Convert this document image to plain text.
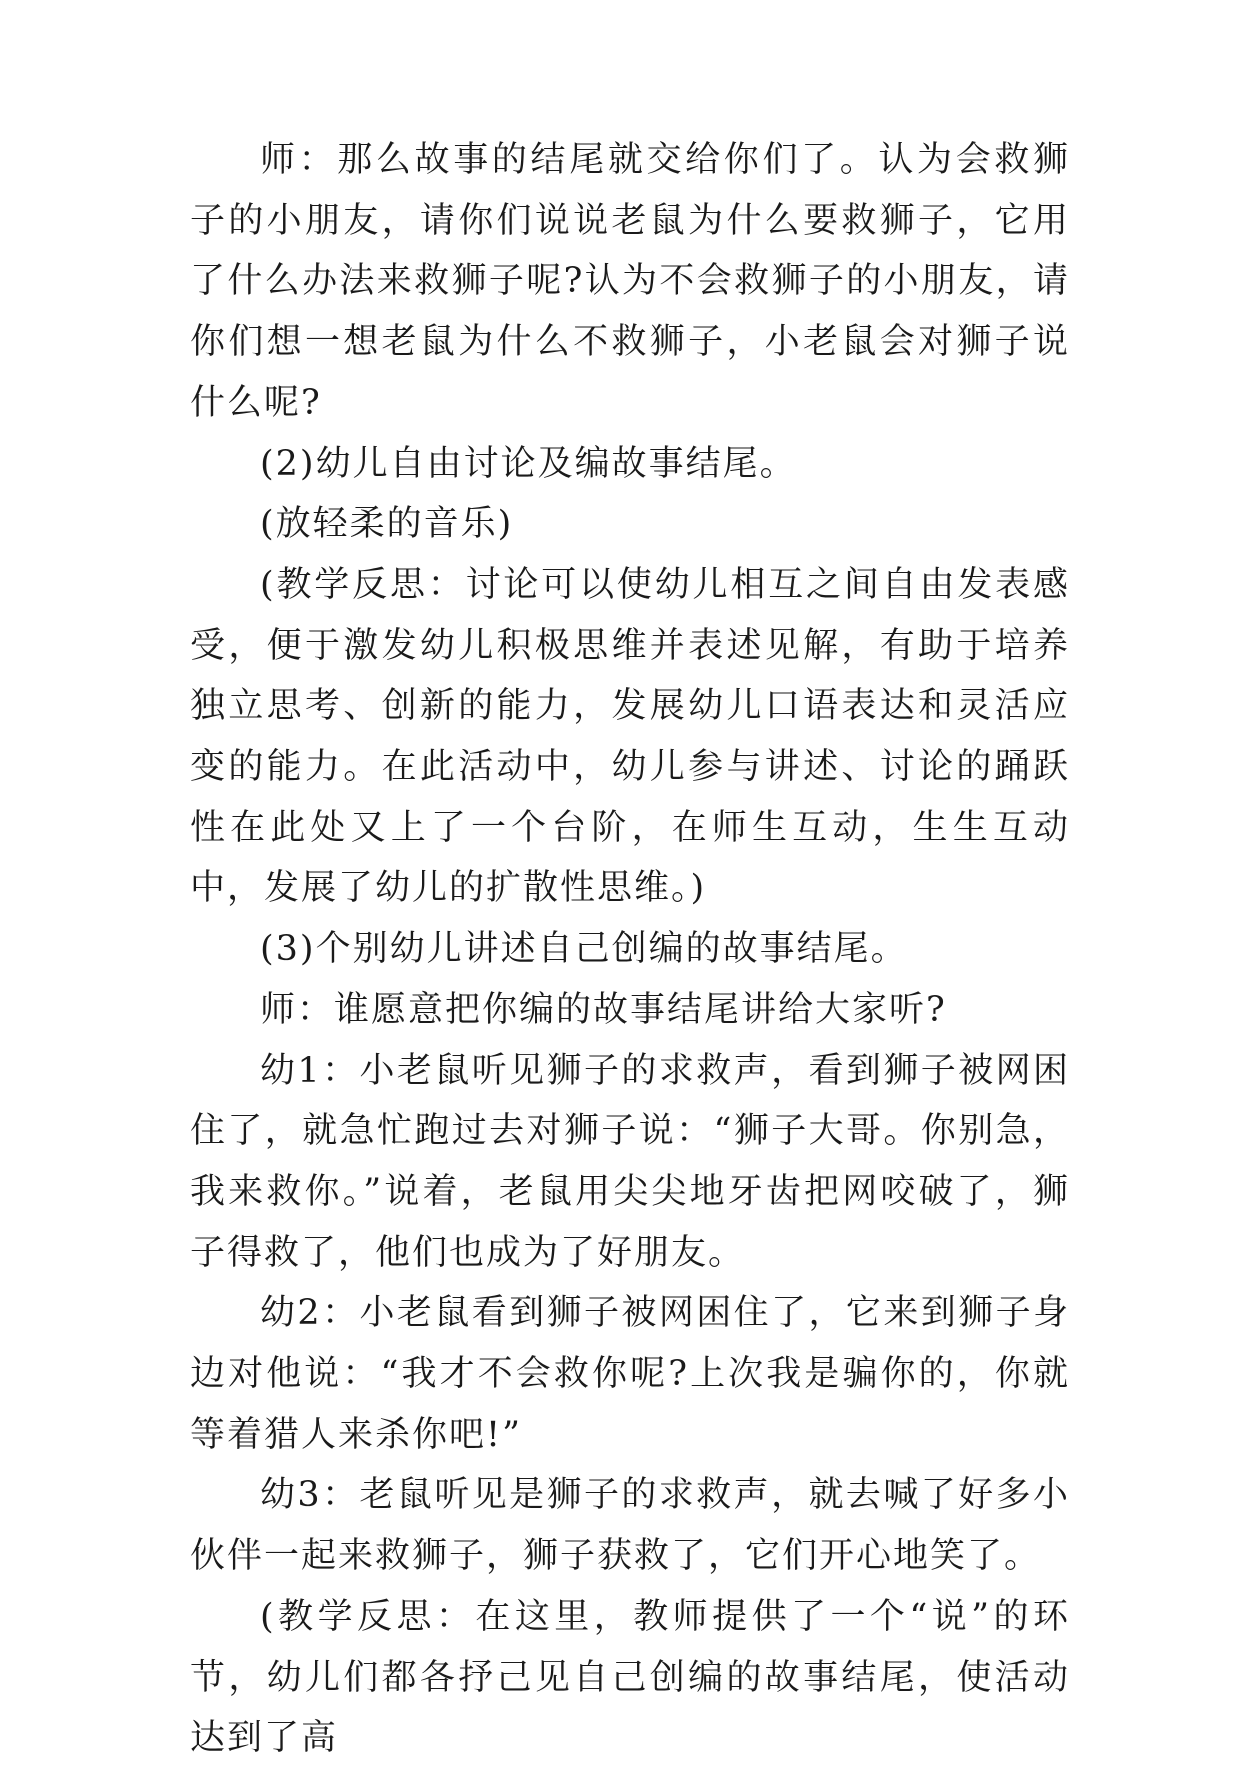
师：那么故事的结尾就交给你们了。认为会救狮子的小朋友，请你们说说老鼠为什么要救狮子，它用了什么办法来救狮子呢?认为不会救狮子的小朋友，请你们想一想老鼠为什么不救狮子，小老鼠会对狮子说什么呢?

(2)幼儿自由讨论及编故事结尾。

(放轻柔的音乐)

(教学反思：讨论可以使幼儿相互之间自由发表感受，便于激发幼儿积极思维并表述见解，有助于培养独立思考、创新的能力，发展幼儿口语表达和灵活应变的能力。在此活动中，幼儿参与讲述、讨论的踊跃性在此处又上了一个台阶，在师生互动，生生互动中，发展了幼儿的扩散性思维。)

(3)个别幼儿讲述自己创编的故事结尾。

师：谁愿意把你编的故事结尾讲给大家听?

幼1：小老鼠听见狮子的求救声，看到狮子被网困住了，就急忙跑过去对狮子说：“狮子大哥。你别急，我来救你。”说着，老鼠用尖尖地牙齿把网咬破了，狮子得救了，他们也成为了好朋友。

幼2：小老鼠看到狮子被网困住了，它来到狮子身边对他说：“我才不会救你呢?上次我是骗你的，你就等着猎人来杀你吧!”

幼3：老鼠听见是狮子的求救声，就去喊了好多小伙伴一起来救狮子，狮子获救了，它们开心地笑了。

(教学反思：在这里，教师提供了一个“说”的环节，幼儿们都各抒己见自己创编的故事结尾，使活动达到了高
